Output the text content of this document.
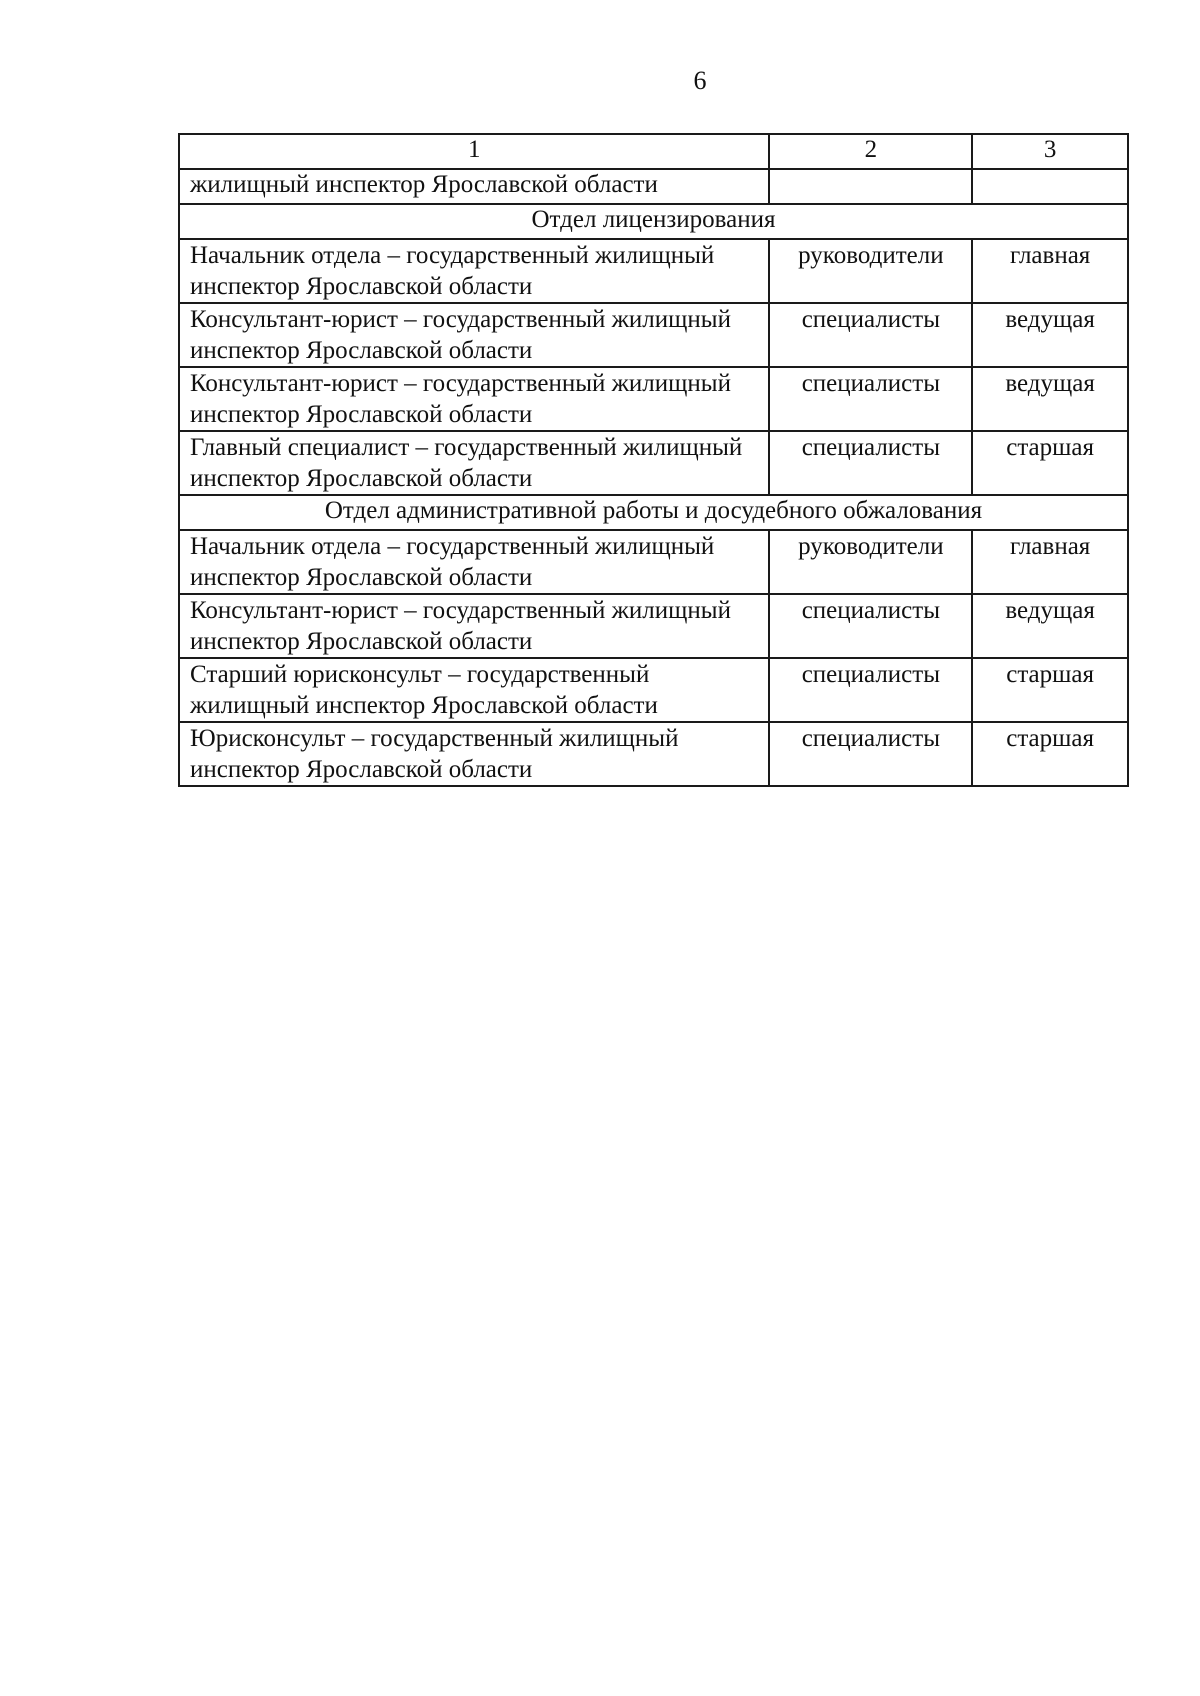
6
1	2	3
жилищный инспектор Ярославской области		
Отдел лицензирования		
Начальник отдела – государственный жилищный инспектор Ярославской области	руководители	главная
Консультант-юрист – государственный жилищный инспектор Ярославской области	специалисты	ведущая
Консультант-юрист – государственный жилищный инспектор Ярославской области	специалисты	ведущая
Главный специалист – государственный жилищный инспектор Ярославской области	специалисты	старшая
Отдел административной работы и досудебного обжалования		
Начальник отдела – государственный жилищный инспектор Ярославской области	руководители	главная
Консультант-юрист – государственный жилищный инспектор Ярославской области	специалисты	ведущая
Старший юрисконсульт – государственный жилищный инспектор Ярославской области	специалисты	старшая
Юрисконсульт – государственный жилищный инспектор Ярославской области	специалисты	старшая
